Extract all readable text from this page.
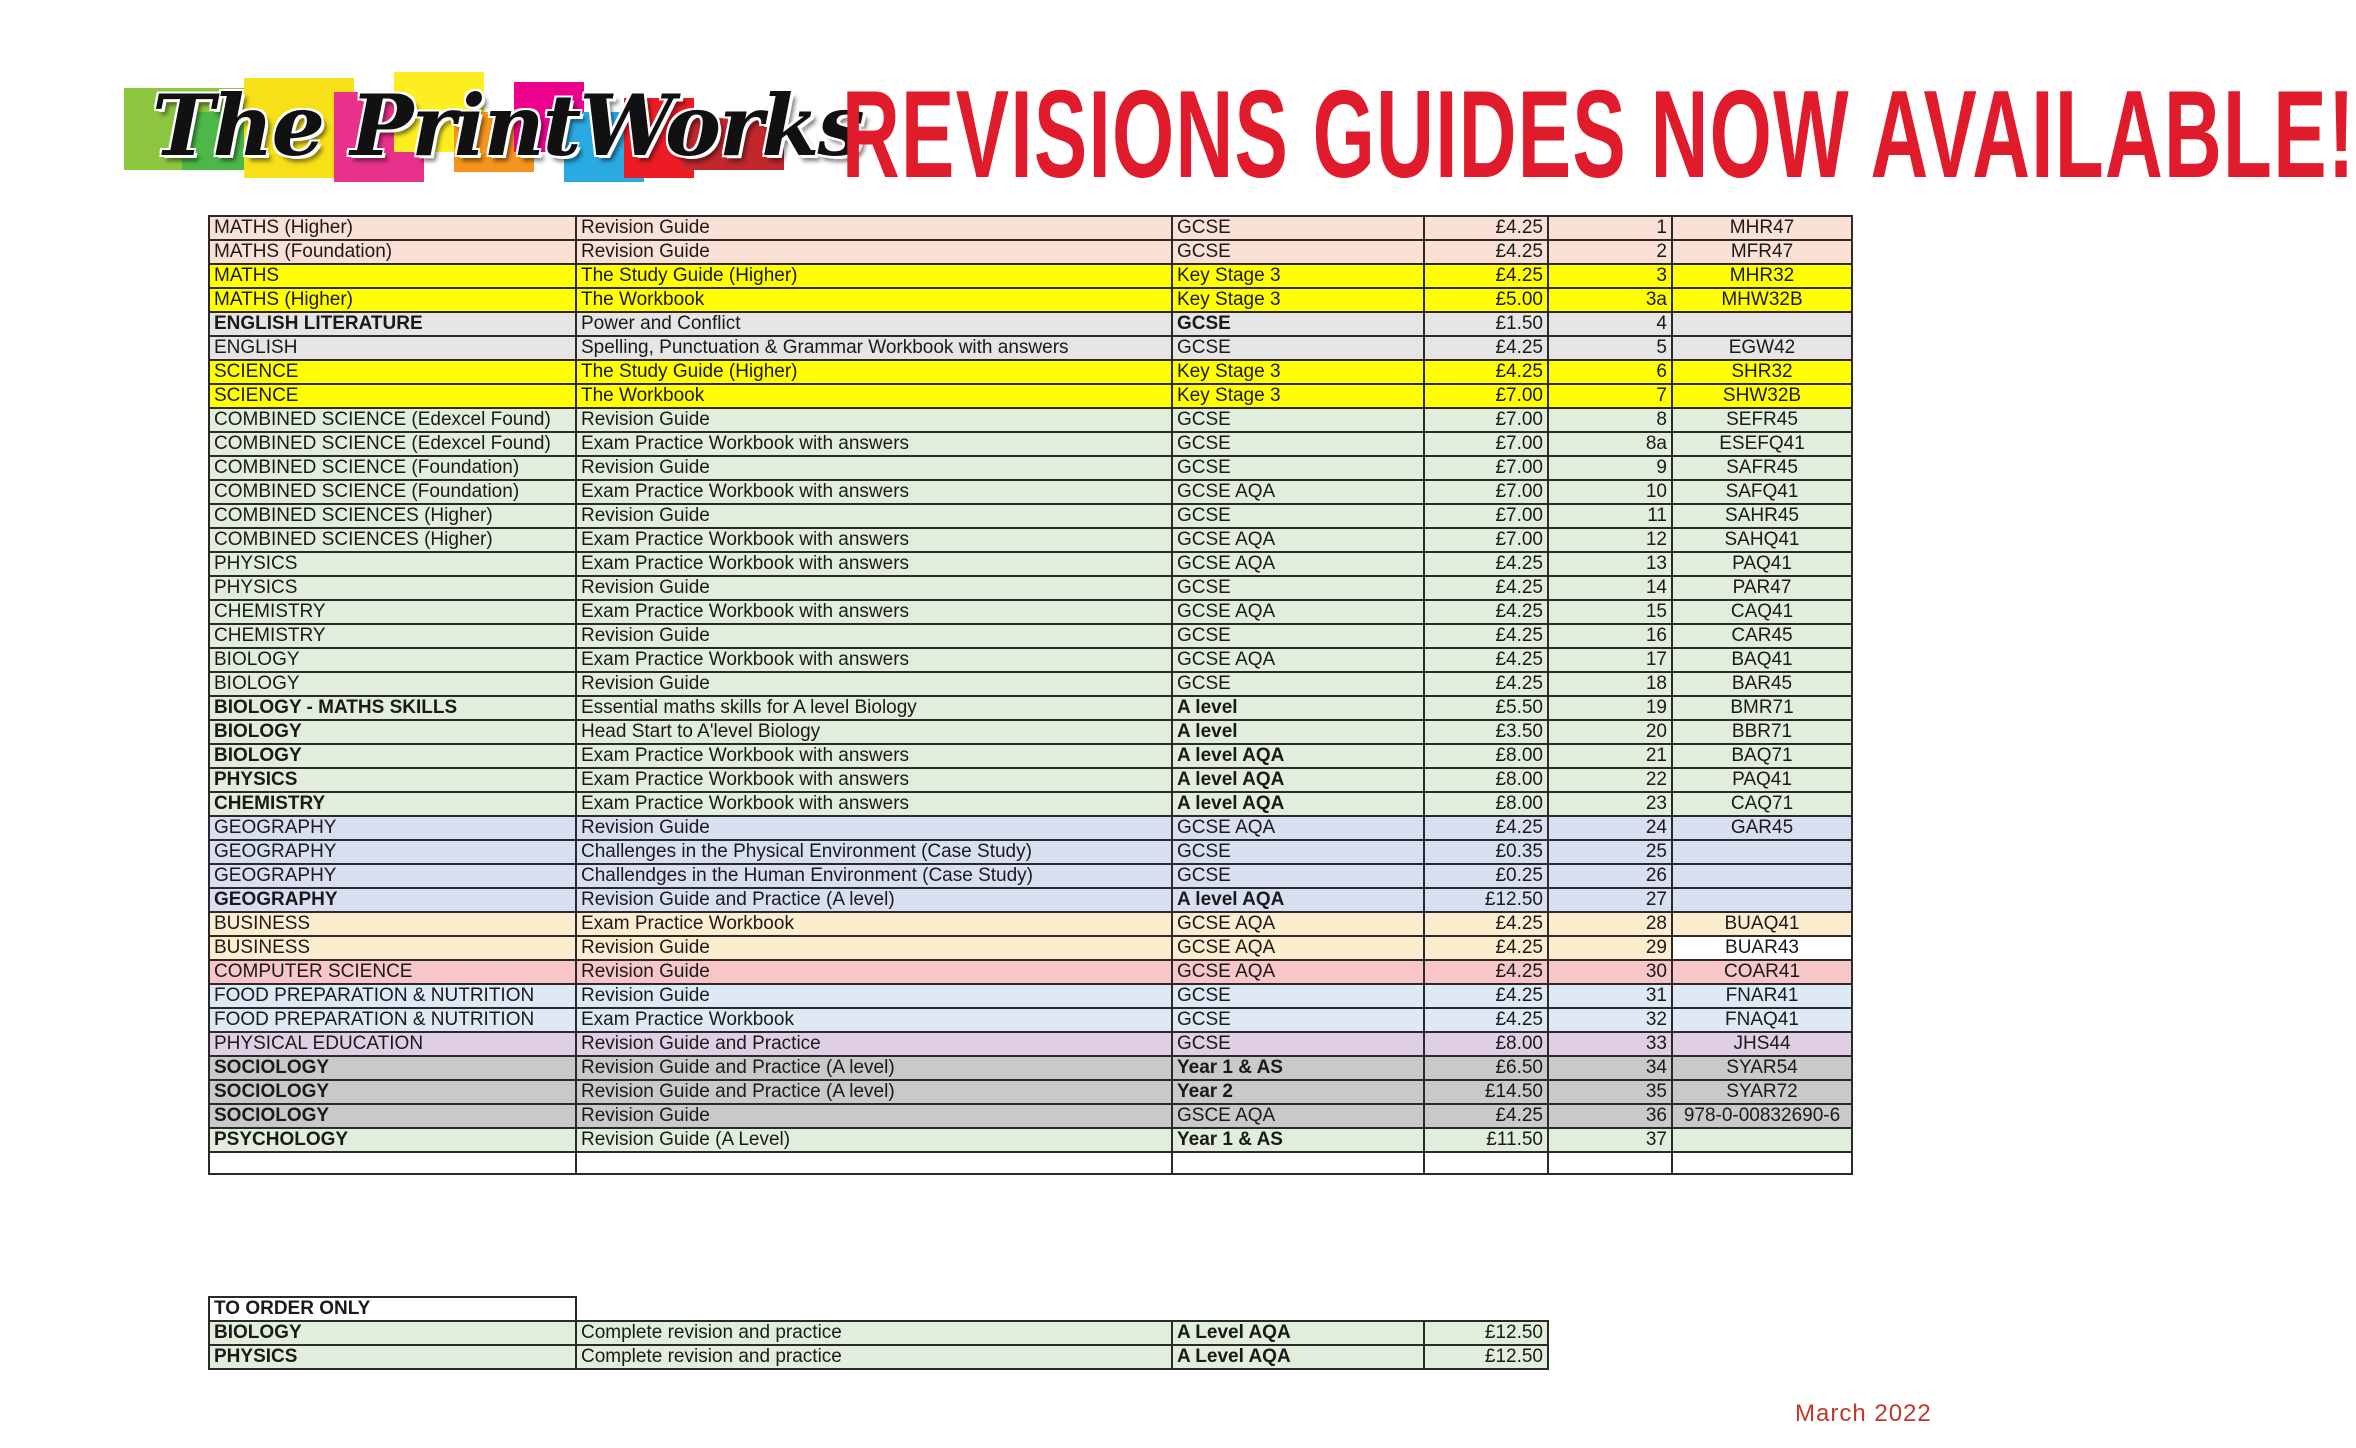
The PrintWorks
REVISIONS GUIDES NOW AVAILABLE!
MATHS (Higher)	Revision Guide	GCSE	£4.25	1	MHR47
MATHS (Foundation)	Revision Guide	GCSE	£4.25	2	MFR47
MATHS	The Study Guide (Higher)	Key Stage 3	£4.25	3	MHR32
MATHS (Higher)	The Workbook	Key Stage 3	£5.00	3a	MHW32B
ENGLISH LITERATURE	Power and Conflict	GCSE	£1.50	4	
ENGLISH	Spelling, Punctuation & Grammar Workbook with answers	GCSE	£4.25	5	EGW42
SCIENCE	The Study Guide (Higher)	Key Stage 3	£4.25	6	SHR32
SCIENCE	The Workbook	Key Stage 3	£7.00	7	SHW32B
COMBINED SCIENCE (Edexcel Found)	Revision Guide	GCSE	£7.00	8	SEFR45
COMBINED SCIENCE (Edexcel Found)	Exam Practice Workbook with answers	GCSE	£7.00	8a	ESEFQ41
COMBINED SCIENCE (Foundation)	Revision Guide	GCSE	£7.00	9	SAFR45
COMBINED SCIENCE (Foundation)	Exam Practice Workbook with answers	GCSE AQA	£7.00	10	SAFQ41
COMBINED SCIENCES (Higher)	Revision Guide	GCSE	£7.00	11	SAHR45
COMBINED SCIENCES (Higher)	Exam Practice Workbook with answers	GCSE AQA	£7.00	12	SAHQ41
PHYSICS	Exam Practice Workbook with answers	GCSE AQA	£4.25	13	PAQ41
PHYSICS	Revision Guide	GCSE	£4.25	14	PAR47
CHEMISTRY	Exam Practice Workbook with answers	GCSE AQA	£4.25	15	CAQ41
CHEMISTRY	Revision Guide	GCSE	£4.25	16	CAR45
BIOLOGY	Exam Practice Workbook with answers	GCSE AQA	£4.25	17	BAQ41
BIOLOGY	Revision Guide	GCSE	£4.25	18	BAR45
BIOLOGY - MATHS SKILLS	Essential maths skills for A level Biology	A level	£5.50	19	BMR71
BIOLOGY	Head Start to A'level Biology	A level	£3.50	20	BBR71
BIOLOGY	Exam Practice Workbook with answers	A level AQA	£8.00	21	BAQ71
PHYSICS	Exam Practice Workbook with answers	A level AQA	£8.00	22	PAQ41
CHEMISTRY	Exam Practice Workbook with answers	A level AQA	£8.00	23	CAQ71
GEOGRAPHY	Revision Guide	GCSE AQA	£4.25	24	GAR45
GEOGRAPHY	Challenges in the Physical Environment (Case Study)	GCSE	£0.35	25	
GEOGRAPHY	Challendges in the Human Environment (Case Study)	GCSE	£0.25	26	
GEOGRAPHY	Revision Guide and Practice (A level)	A level AQA	£12.50	27	
BUSINESS	Exam Practice Workbook	GCSE AQA	£4.25	28	BUAQ41
BUSINESS	Revision Guide	GCSE AQA	£4.25	29	BUAR43
COMPUTER SCIENCE	Revision Guide	GCSE AQA	£4.25	30	COAR41
FOOD PREPARATION & NUTRITION	Revision Guide	GCSE	£4.25	31	FNAR41
FOOD PREPARATION & NUTRITION	Exam Practice Workbook	GCSE	£4.25	32	FNAQ41
PHYSICAL EDUCATION	Revision Guide and Practice	GCSE	£8.00	33	JHS44
SOCIOLOGY	Revision Guide and Practice (A level)	Year 1 & AS	£6.50	34	SYAR54
SOCIOLOGY	Revision Guide and Practice (A level)	Year 2	£14.50	35	SYAR72
SOCIOLOGY	Revision Guide	GSCE AQA	£4.25	36	978-0-00832690-6
PSYCHOLOGY	Revision Guide (A Level)	Year 1 & AS	£11.50	37	

TO ORDER ONLY			
BIOLOGY	Complete revision and practice	A Level AQA	£12.50
PHYSICS	Complete revision and practice	A Level AQA	£12.50
March 2022
